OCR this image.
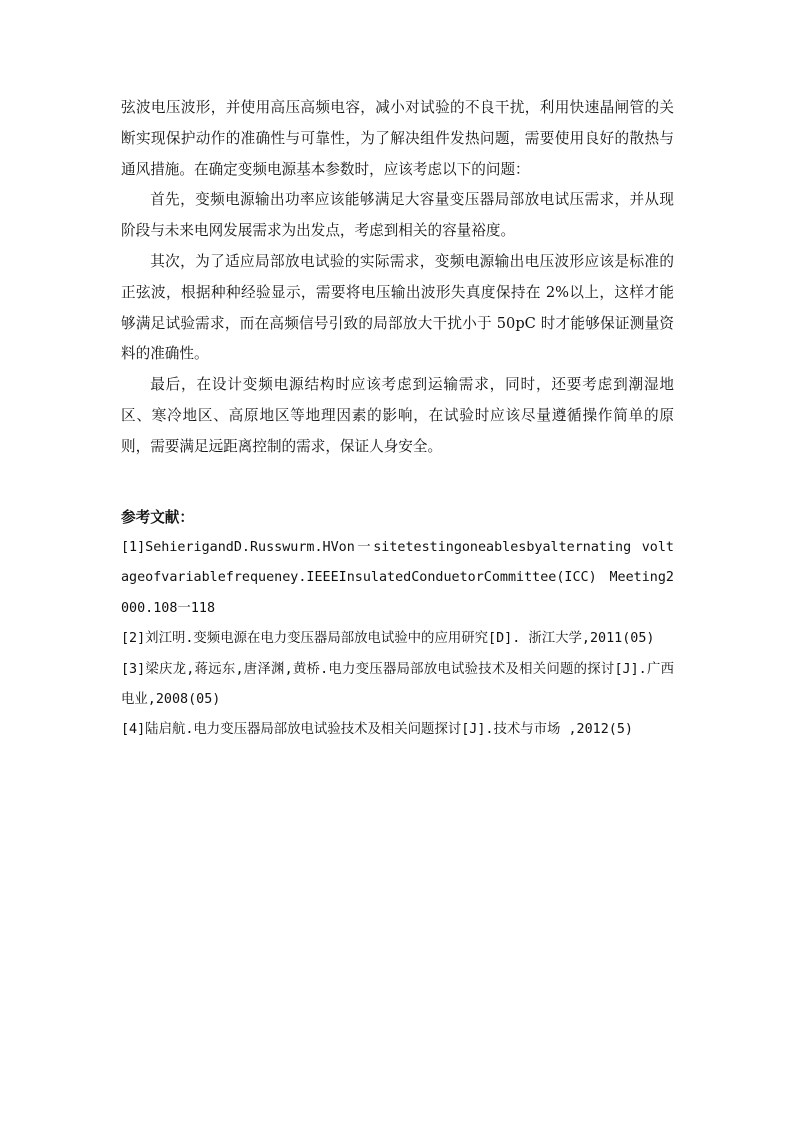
弦波电压波形，并使用高压高频电容，减小对试验的不良干扰，利用快速晶闸管的关断实现保护动作的准确性与可靠性，为了解决组件发热问题，需要使用良好的散热与通风措施。在确定变频电源基本参数时，应该考虑以下的问题：

首先，变频电源输出功率应该能够满足大容量变压器局部放电试压需求，并从现阶段与未来电网发展需求为出发点，考虑到相关的容量裕度。

其次，为了适应局部放电试验的实际需求，变频电源输出电压波形应该是标准的正弦波，根据种种经验显示，需要将电压输出波形失真度保持在 2%以上，这样才能够满足试验需求，而在高频信号引致的局部放大干扰小于 50pC 时才能够保证测量资料的准确性。

最后，在设计变频电源结构时应该考虑到运输需求，同时，还要考虑到潮湿地区、寒冷地区、高原地区等地理因素的影响，在试验时应该尽量遵循操作简单的原则，需要满足远距离控制的需求，保证人身安全。

参考文献：

[1]SehierigandD.Russwurm.HVon一sitetestingoneablesbyalternating voltageofvariablefrequeney.IEEEInsulatedConduetorCommittee(ICC) Meeting2000.108一118

[2]刘江明.变频电源在电力变压器局部放电试验中的应用研究[D]. 浙江大学,2011(05)

[3]梁庆龙,蒋远东,唐泽渊,黄桥.电力变压器局部放电试验技术及相关问题的探讨[J].广西电业,2008(05)

[4]陆启航.电力变压器局部放电试验技术及相关问题探讨[J].技术与市场 ,2012(5)
